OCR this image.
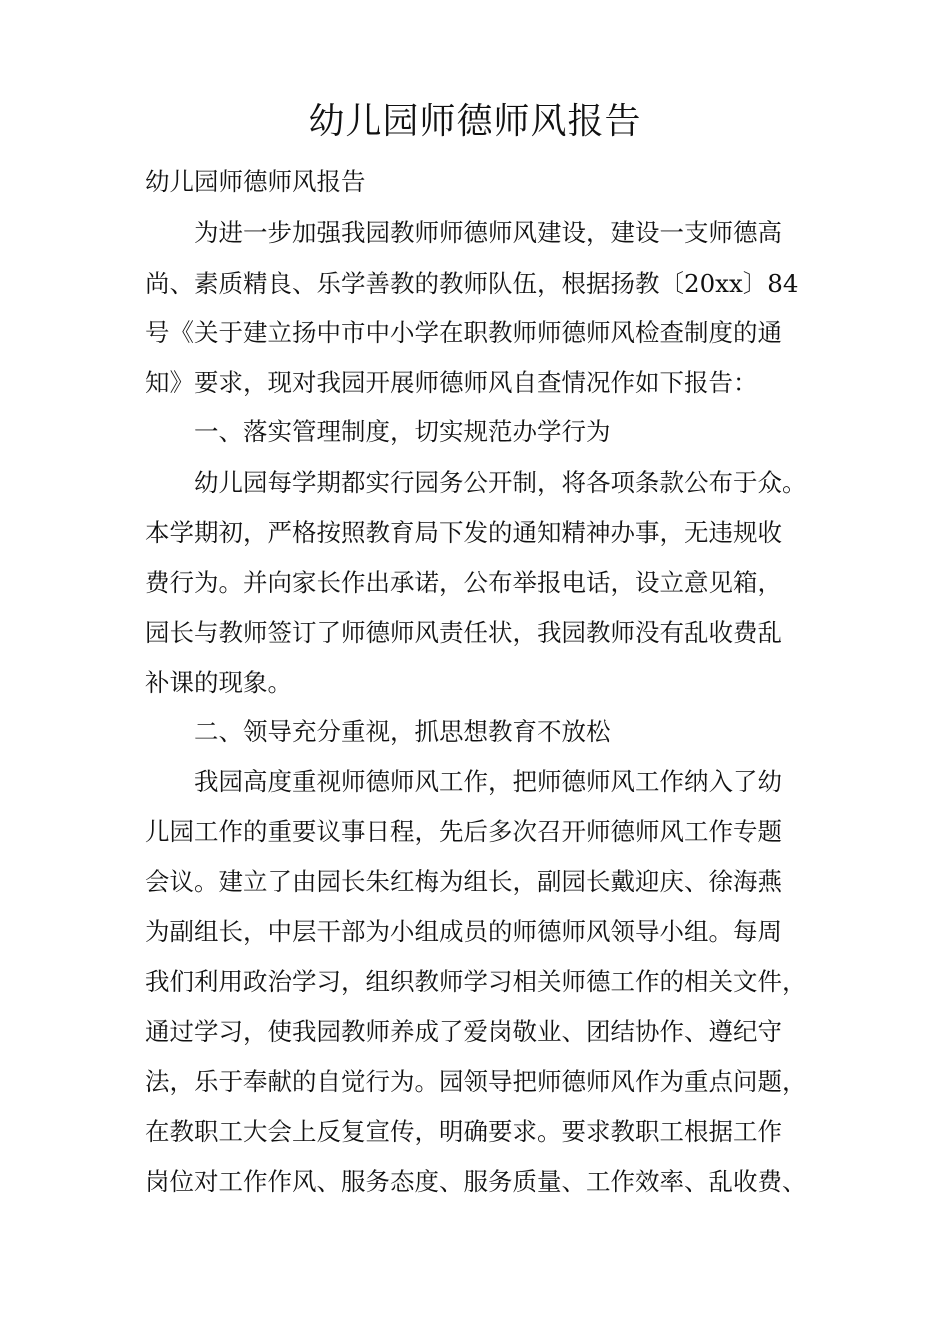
幼儿园师德师风报告
幼儿园师德师风报告
为进一步加强我园教师师德师风建设，建设一支师德高
尚、素质精良、乐学善教的教师队伍，根据扬教〔20xx〕84
号《关于建立扬中市中小学在职教师师德师风检查制度的通
知》要求，现对我园开展师德师风自查情况作如下报告：
一、落实管理制度，切实规范办学行为
幼儿园每学期都实行园务公开制，将各项条款公布于众。
本学期初，严格按照教育局下发的通知精神办事，无违规收
费行为。并向家长作出承诺，公布举报电话，设立意见箱，
园长与教师签订了师德师风责任状，我园教师没有乱收费乱
补课的现象。
二、领导充分重视，抓思想教育不放松
我园高度重视师德师风工作，把师德师风工作纳入了幼
儿园工作的重要议事日程，先后多次召开师德师风工作专题
会议。建立了由园长朱红梅为组长，副园长戴迎庆、徐海燕
为副组长，中层干部为小组成员的师德师风领导小组。每周
我们利用政治学习，组织教师学习相关师德工作的相关文件，
通过学习，使我园教师养成了爱岗敬业、团结协作、遵纪守
法，乐于奉献的自觉行为。园领导把师德师风作为重点问题，
在教职工大会上反复宣传，明确要求。要求教职工根据工作
岗位对工作作风、服务态度、服务质量、工作效率、乱收费、
